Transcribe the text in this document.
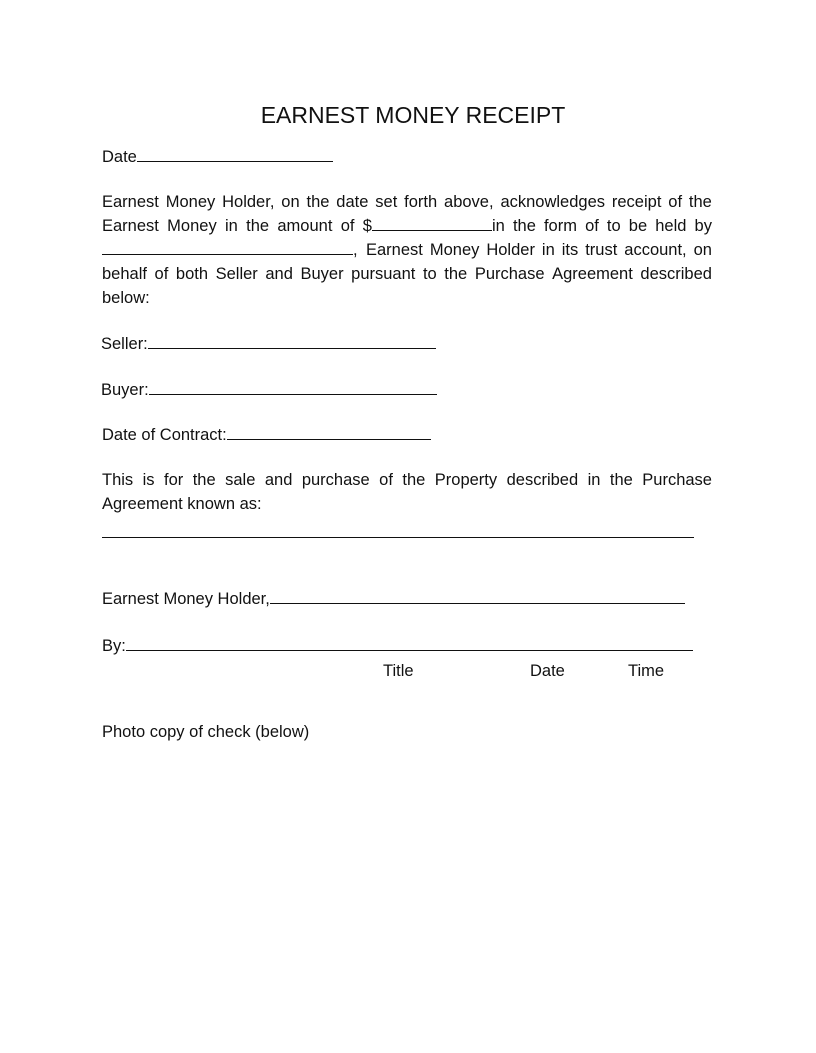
EARNEST MONEY RECEIPT
Date
Earnest Money Holder, on the date set forth above, acknowledges receipt of the
Earnest Money in the amount of $	in the form of to be held by
, Earnest Money Holder in its trust account, on
behalf of both Seller and Buyer pursuant to the Purchase Agreement described
below:
Seller:
Buyer:
Date of Contract:
This is for the sale and purchase of the Property described in the Purchase
Agreement known as:
Earnest Money Holder,
By:
Title	Date	Time
Photo copy of check (below)
